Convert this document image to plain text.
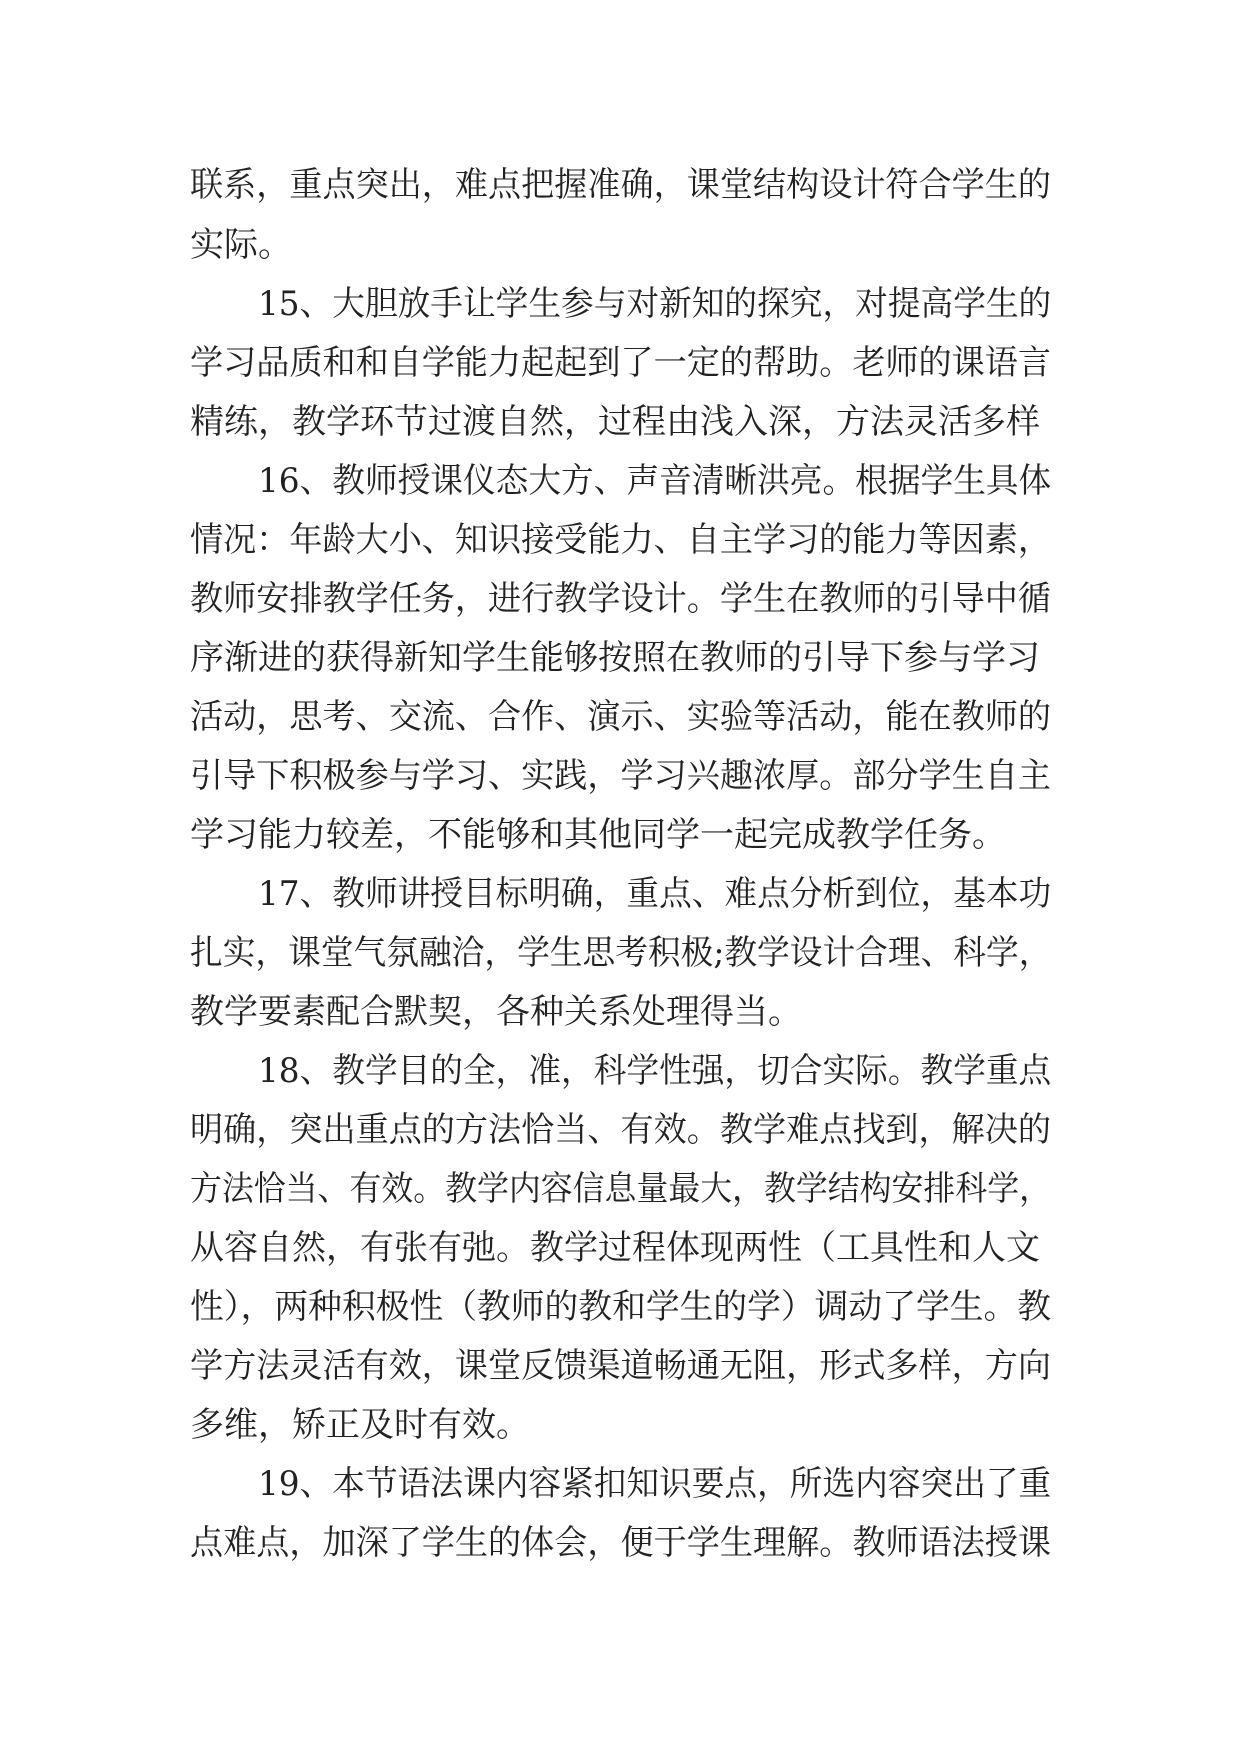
联系，重点突出，难点把握准确，课堂结构设计符合学生的
实际。
15、大胆放手让学生参与对新知的探究，对提高学生的
学习品质和和自学能力起起到了一定的帮助。老师的课语言
精练，教学环节过渡自然，过程由浅入深，方法灵活多样
16、教师授课仪态大方、声音清晰洪亮。根据学生具体
情况：年龄大小、知识接受能力、自主学习的能力等因素，
教师安排教学任务，进行教学设计。学生在教师的引导中循
序渐进的获得新知学生能够按照在教师的引导下参与学习
活动，思考、交流、合作、演示、实验等活动，能在教师的
引导下积极参与学习、实践，学习兴趣浓厚。部分学生自主
学习能力较差，不能够和其他同学一起完成教学任务。
17、教师讲授目标明确，重点、难点分析到位，基本功
扎实，课堂气氛融洽，学生思考积极;教学设计合理、科学，
教学要素配合默契，各种关系处理得当。
18、教学目的全，准，科学性强，切合实际。教学重点
明确，突出重点的方法恰当、有效。教学难点找到，解决的
方法恰当、有效。教学内容信息量最大，教学结构安排科学，
从容自然，有张有弛。教学过程体现两性（工具性和人文
性），两种积极性（教师的教和学生的学）调动了学生。教
学方法灵活有效，课堂反馈渠道畅通无阻，形式多样，方向
多维，矫正及时有效。
19、本节语法课内容紧扣知识要点，所选内容突出了重
点难点，加深了学生的体会，便于学生理解。教师语法授课
